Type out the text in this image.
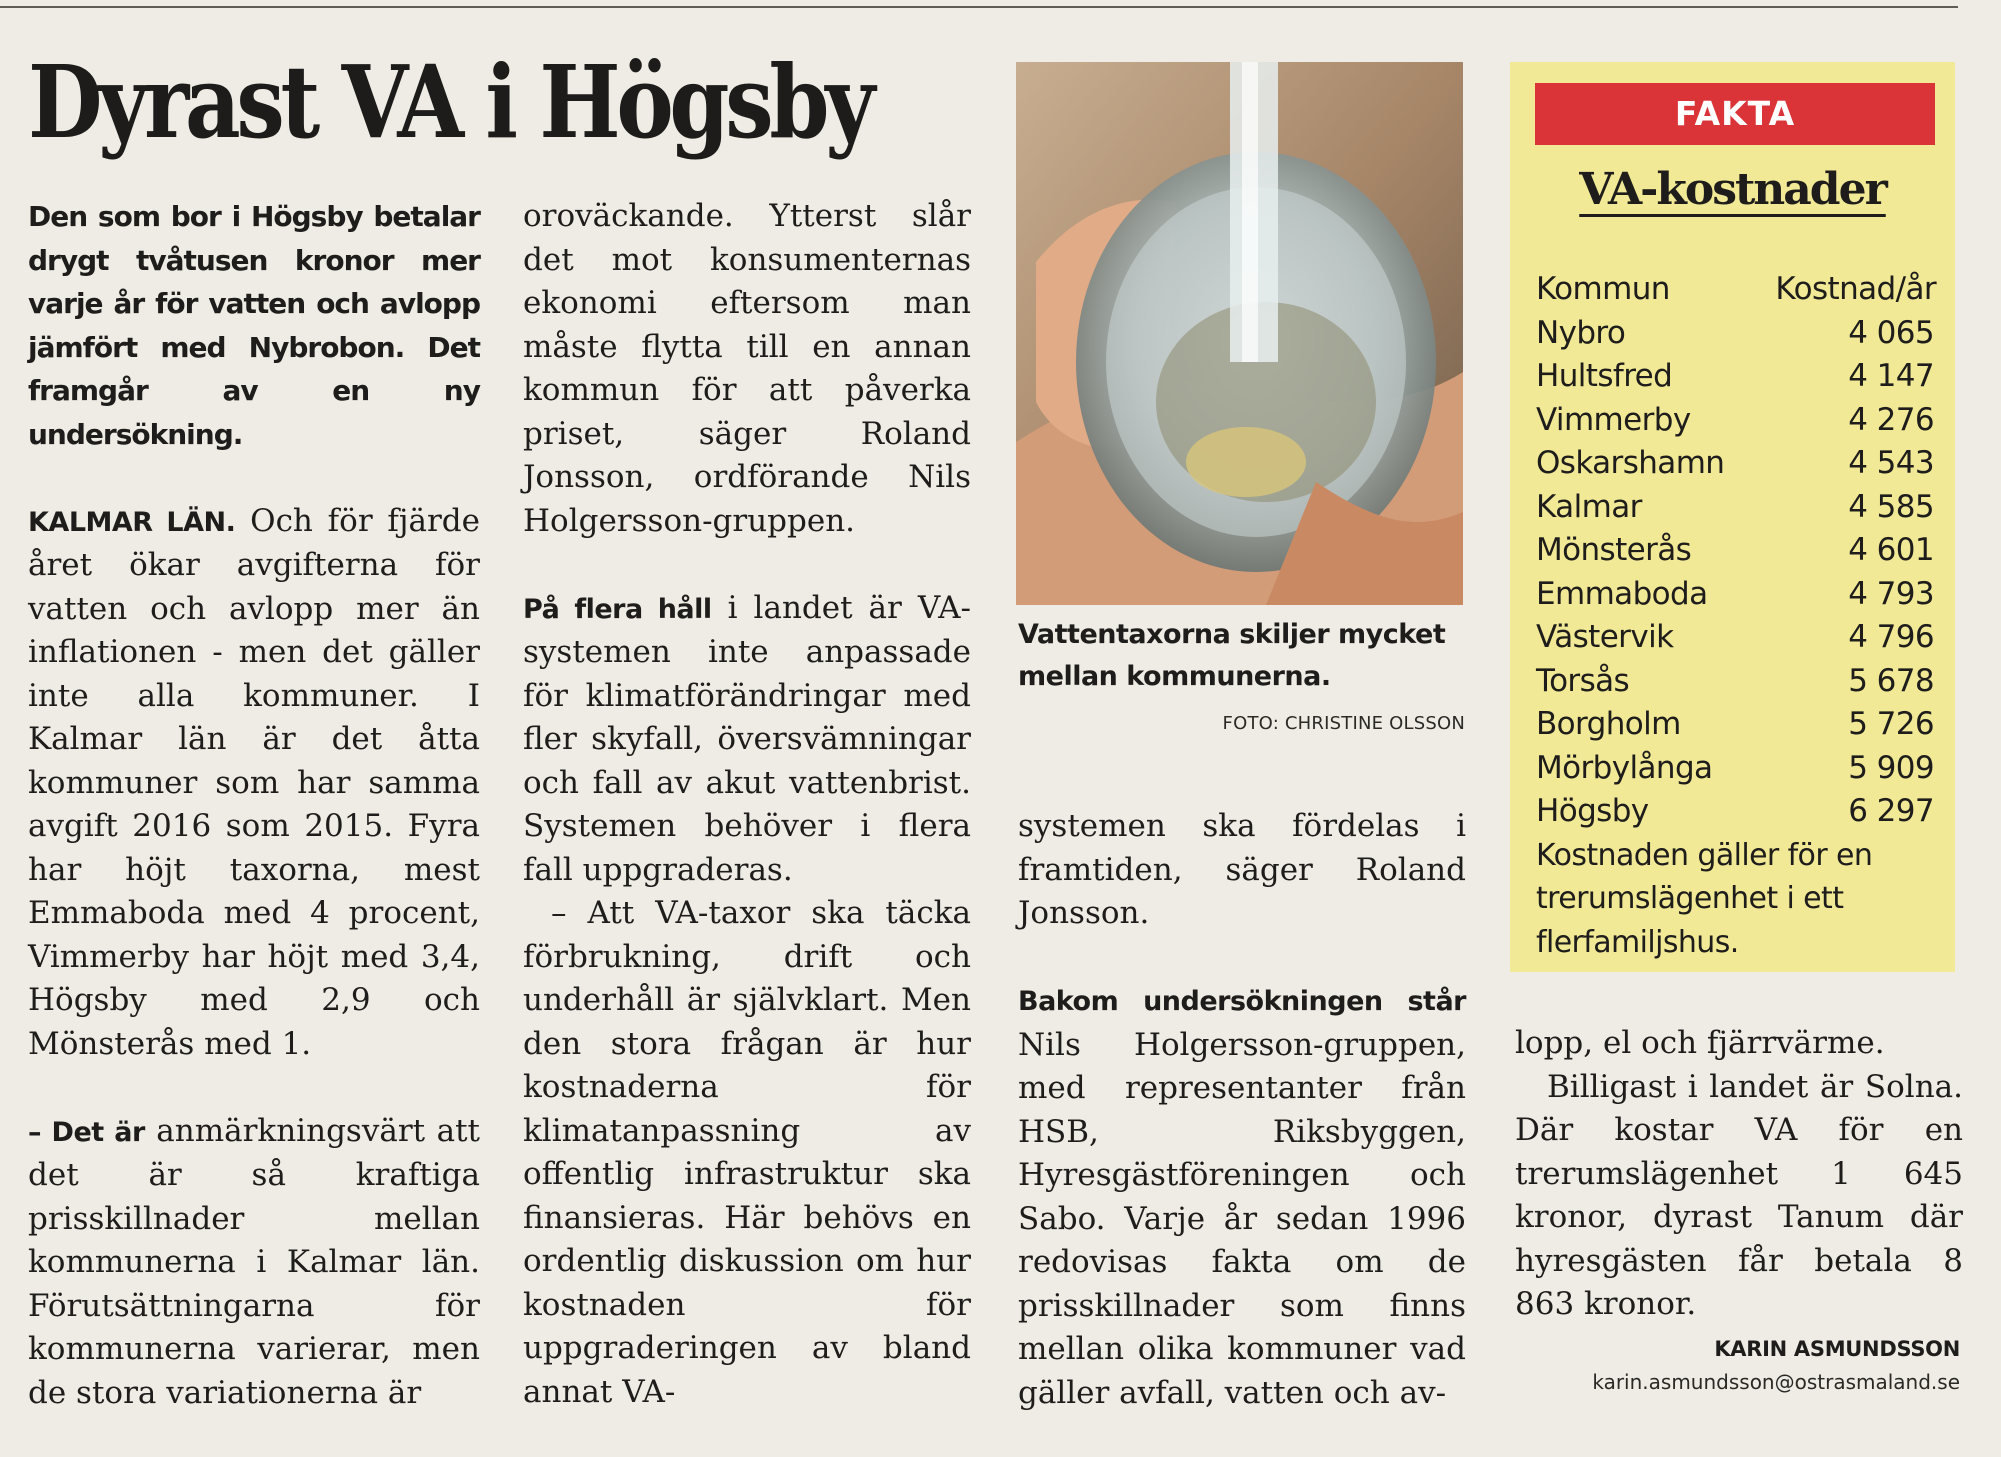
Dyrast VA i Högsby

Den som bor i Högsby betalar drygt tvåtusen kronor mer varje år för vatten och avlopp jämfört med Nybrobon. Det framgår av en ny undersökning.

KALMAR LÄN. Och för fjärde året ökar avgifterna för vatten och avlopp mer än inflationen - men det gäller inte alla kommuner. I Kalmar län är det åtta kommuner som har samma avgift 2016 som 2015. Fyra har höjt taxorna, mest Emmaboda med 4 procent, Vimmerby har höjt med 3,4, Högsby med 2,9 och Mönsterås med 1.

– Det är anmärkningsvärt att det är så kraftiga prisskillnader mellan kommunerna i Kalmar län. Förutsättningarna för kommunerna varierar, men de stora variationerna är

oroväckande. Ytterst slår det mot konsumenternas ekonomi eftersom man måste flytta till en annan kommun för att påverka priset, säger Roland Jonsson, ordförande Nils Holgersson-gruppen.

På flera håll i landet är VA-systemen inte anpassade för klimatförändringar med fler skyfall, översvämningar och fall av akut vattenbrist. Systemen behöver i flera fall uppgraderas.

– Att VA-taxor ska täcka förbrukning, drift och underhåll är självklart. Men den stora frågan är hur kostnaderna för klimatanpassning av offentlig infrastruktur ska finansieras. Här behövs en ordentlig diskussion om hur kostnaden för uppgraderingen av bland annat VA-

Vattentaxorna skiljer mycket mellan kommunerna.
FOTO: CHRISTINE OLSSON

systemen ska fördelas i framtiden, säger Roland Jonsson.

Bakom undersökningen står Nils Holgersson-gruppen, med representanter från HSB, Riksbyggen, Hyresgästföreningen och Sabo. Varje år sedan 1996 redovisas fakta om de prisskillnader som finns mellan olika kommuner vad gäller avfall, vatten och av-

FAKTA
VA-kostnader
Kommun	Kostnad/år
Nybro	4 065
Hultsfred	4 147
Vimmerby	4 276
Oskarshamn	4 543
Kalmar	4 585
Mönsterås	4 601
Emmaboda	4 793
Västervik	4 796
Torsås	5 678
Borgholm	5 726
Mörbylånga	5 909
Högsby	6 297
Kostnaden gäller för en trerumslägenhet i ett flerfamiljshus.

lopp, el och fjärrvärme.

Billigast i landet är Solna. Där kostar VA för en trerumslägenhet 1 645 kronor, dyrast Tanum där hyresgästen får betala 8 863 kronor.

KARIN ASMUNDSSON
karin.asmundsson@ostrasmaland.se
